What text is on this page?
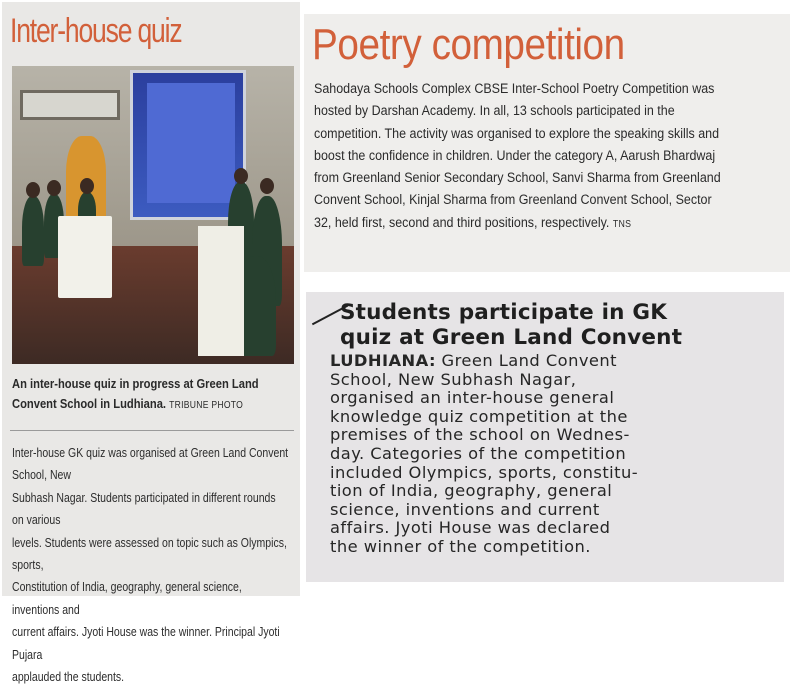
Inter-house quiz
An inter-house quiz in progress at Green Land Convent School in Ludhiana. TRIBUNE PHOTO
Inter-house GK quiz was organised at Green Land Convent School, New
Subhash Nagar. Students participated in different rounds on various
levels. Students were assessed on topic such as Olympics, sports,
Constitution of India, geography, general science, inventions and
current affairs. Jyoti House was the winner. Principal Jyoti Pujara
applauded the students.
Poetry competition
Sahodaya Schools Complex CBSE Inter-School Poetry Competition was
hosted by Darshan Academy. In all, 13 schools participated in the
competition. The activity was organised to explore the speaking skills and
boost the confidence in children. Under the category A, Aarush Bhardwaj
from Greenland Senior Secondary School, Sanvi Sharma from Greenland
Convent School, Kinjal Sharma from Greenland Convent School, Sector
32, held first, second and third positions, respectively. TNS
Students participate in GK
quiz at Green Land Convent
LUDHIANA: Green Land Convent
School, New Subhash Nagar,
organised an inter-house general
knowledge quiz competition at the
premises of the school on Wednes-
day. Categories of the competition
included Olympics, sports, constitu-
tion of India, geography, general
science, inventions and current
affairs. Jyoti House was declared
the winner of the competition.
